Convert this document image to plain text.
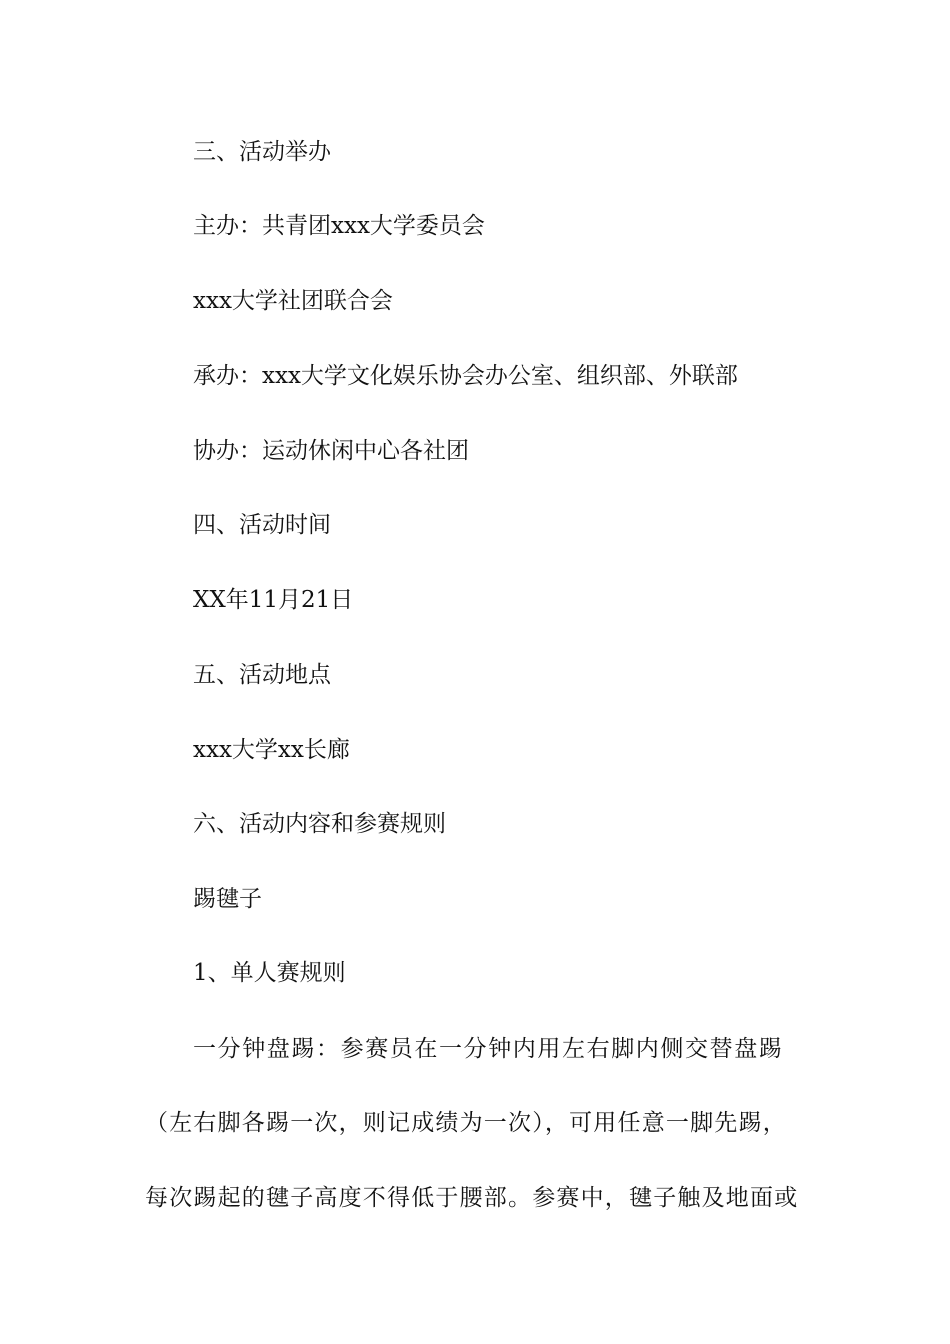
三、活动举办
主办：共青团xxx大学委员会
xxx大学社团联合会
承办：xxx大学文化娱乐协会办公室、组织部、外联部
协办：运动休闲中心各社团
四、活动时间
XX年11月21日
五、活动地点
xxx大学xx长廊
六、活动内容和参赛规则
踢毽子
1、单人赛规则
一分钟盘踢：参赛员在一分钟内用左右脚内侧交替盘踢
（左右脚各踢一次，则记成绩为一次），可用任意一脚先踢，
每次踢起的毽子高度不得低于腰部。参赛中，毽子触及地面或
